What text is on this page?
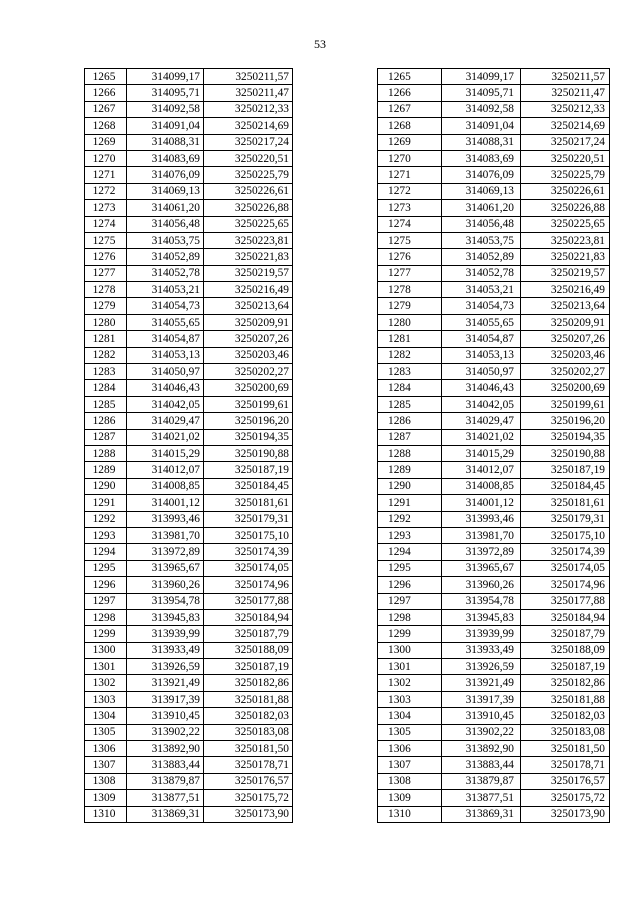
53
1265	314099,17	3250211,57
1266	314095,71	3250211,47
1267	314092,58	3250212,33
1268	314091,04	3250214,69
1269	314088,31	3250217,24
1270	314083,69	3250220,51
1271	314076,09	3250225,79
1272	314069,13	3250226,61
1273	314061,20	3250226,88
1274	314056,48	3250225,65
1275	314053,75	3250223,81
1276	314052,89	3250221,83
1277	314052,78	3250219,57
1278	314053,21	3250216,49
1279	314054,73	3250213,64
1280	314055,65	3250209,91
1281	314054,87	3250207,26
1282	314053,13	3250203,46
1283	314050,97	3250202,27
1284	314046,43	3250200,69
1285	314042,05	3250199,61
1286	314029,47	3250196,20
1287	314021,02	3250194,35
1288	314015,29	3250190,88
1289	314012,07	3250187,19
1290	314008,85	3250184,45
1291	314001,12	3250181,61
1292	313993,46	3250179,31
1293	313981,70	3250175,10
1294	313972,89	3250174,39
1295	313965,67	3250174,05
1296	313960,26	3250174,96
1297	313954,78	3250177,88
1298	313945,83	3250184,94
1299	313939,99	3250187,79
1300	313933,49	3250188,09
1301	313926,59	3250187,19
1302	313921,49	3250182,86
1303	313917,39	3250181,88
1304	313910,45	3250182,03
1305	313902,22	3250183,08
1306	313892,90	3250181,50
1307	313883,44	3250178,71
1308	313879,87	3250176,57
1309	313877,51	3250175,72
1310	313869,31	3250173,90
1265	314099,17	3250211,57
1266	314095,71	3250211,47
1267	314092,58	3250212,33
1268	314091,04	3250214,69
1269	314088,31	3250217,24
1270	314083,69	3250220,51
1271	314076,09	3250225,79
1272	314069,13	3250226,61
1273	314061,20	3250226,88
1274	314056,48	3250225,65
1275	314053,75	3250223,81
1276	314052,89	3250221,83
1277	314052,78	3250219,57
1278	314053,21	3250216,49
1279	314054,73	3250213,64
1280	314055,65	3250209,91
1281	314054,87	3250207,26
1282	314053,13	3250203,46
1283	314050,97	3250202,27
1284	314046,43	3250200,69
1285	314042,05	3250199,61
1286	314029,47	3250196,20
1287	314021,02	3250194,35
1288	314015,29	3250190,88
1289	314012,07	3250187,19
1290	314008,85	3250184,45
1291	314001,12	3250181,61
1292	313993,46	3250179,31
1293	313981,70	3250175,10
1294	313972,89	3250174,39
1295	313965,67	3250174,05
1296	313960,26	3250174,96
1297	313954,78	3250177,88
1298	313945,83	3250184,94
1299	313939,99	3250187,79
1300	313933,49	3250188,09
1301	313926,59	3250187,19
1302	313921,49	3250182,86
1303	313917,39	3250181,88
1304	313910,45	3250182,03
1305	313902,22	3250183,08
1306	313892,90	3250181,50
1307	313883,44	3250178,71
1308	313879,87	3250176,57
1309	313877,51	3250175,72
1310	313869,31	3250173,90
